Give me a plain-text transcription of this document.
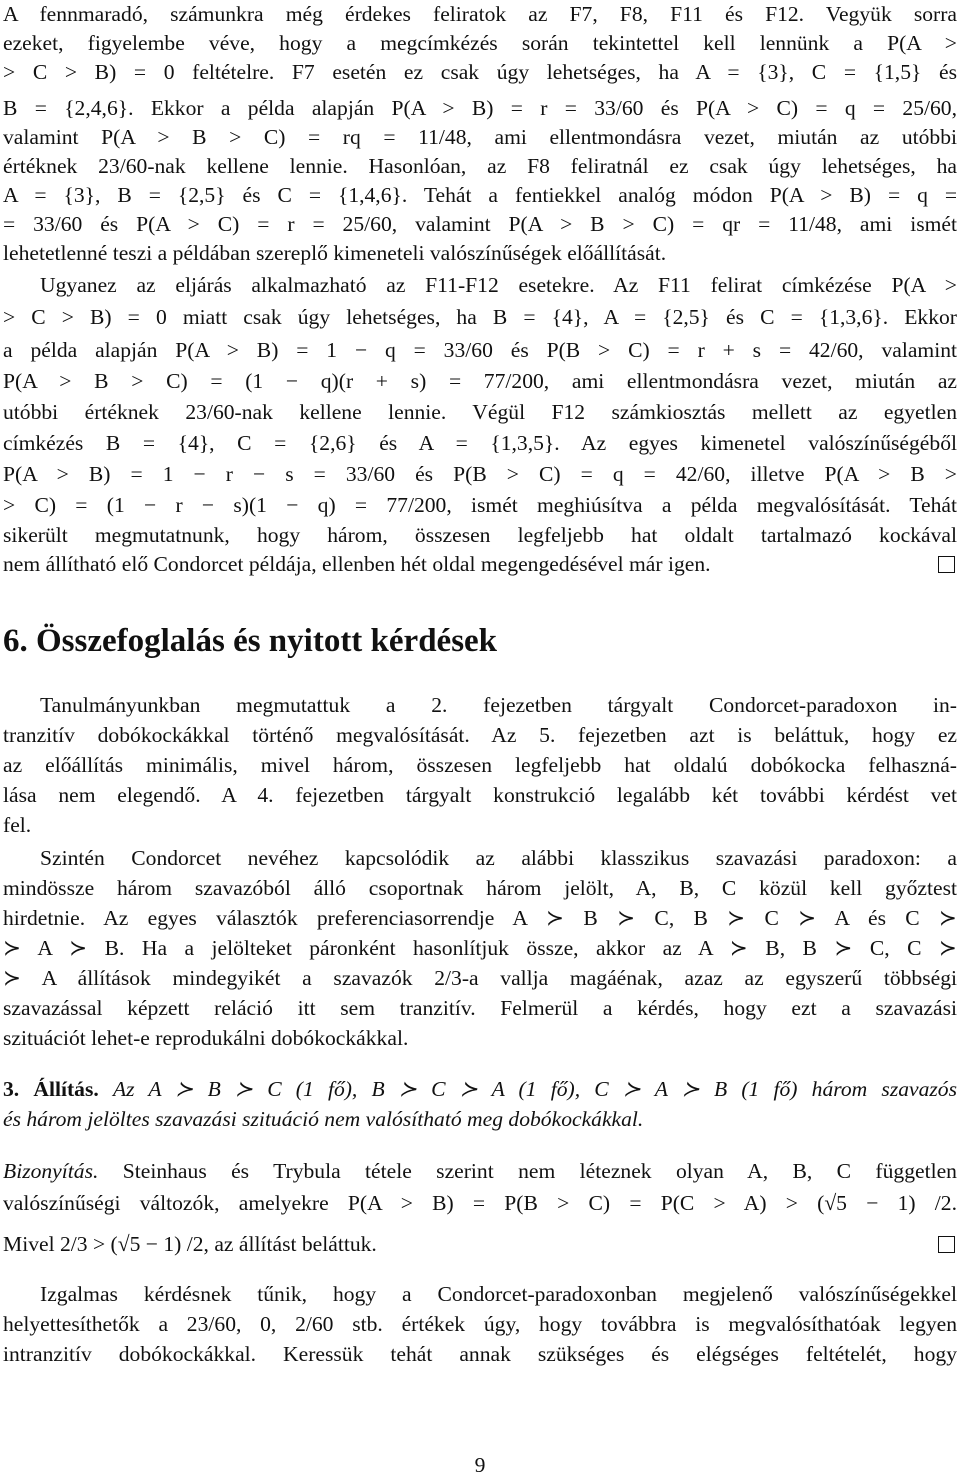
A fennmaradó, számunkra még érdekes feliratok az F7, F8, F11 és F12. Vegyük sorra
ezeket, figyelembe véve, hogy a megcímkézés során tekintettel kell lennünk a P(A >
> C > B) = 0 feltételre. F7 esetén ez csak úgy lehetséges, ha A = {3}, C = {1,5} és
B = {2,4,6}. Ekkor a példa alapján P(A > B) = r = 33/60 és P(A > C) = q = 25/60,
valamint P(A > B > C) = rq = 11/48, ami ellentmondásra vezet, miután az utóbbi
értéknek 23/60-nak kellene lennie. Hasonlóan, az F8 feliratnál ez csak úgy lehetséges, ha
A = {3}, B = {2,5} és C = {1,4,6}. Tehát a fentiekkel analóg módon P(A > B) = q =
= 33/60 és P(A > C) = r = 25/60, valamint P(A > B > C) = qr = 11/48, ami ismét
lehetetlenné teszi a példában szereplő kimeneteli valószínűségek előállítását.
Ugyanez az eljárás alkalmazható az F11-F12 esetekre. Az F11 felirat címkézése P(A >
> C > B) = 0 miatt csak úgy lehetséges, ha B = {4}, A = {2,5} és C = {1,3,6}. Ekkor
a példa alapján P(A > B) = 1 − q = 33/60 és P(B > C) = r + s = 42/60, valamint
P(A > B > C) = (1 − q)(r + s) = 77/200, ami ellentmondásra vezet, miután az
utóbbi értéknek 23/60-nak kellene lennie. Végül F12 számkiosztás mellett az egyetlen
címkézés B = {4}, C = {2,6} és A = {1,3,5}. Az egyes kimenetel valószínűségéből
P(A > B) = 1 − r − s = 33/60 és P(B > C) = q = 42/60, illetve P(A > B >
> C) = (1 − r − s)(1 − q) = 77/200, ismét meghiúsítva a példa megvalósítását. Tehát
sikerült megmutatnunk, hogy három, összesen legfeljebb hat oldalt tartalmazó kockával
nem állítható elő Condorcet példája, ellenben hét oldal megengedésével már igen.
6. Összefoglalás és nyitott kérdések
Tanulmányunkban megmutattuk a 2. fejezetben tárgyalt Condorcet-paradoxon in-
tranzitív dobókockákkal történő megvalósítását. Az 5. fejezetben azt is beláttuk, hogy ez
az előállítás minimális, mivel három, összesen legfeljebb hat oldalú dobókocka felhaszná-
lása nem elegendő. A 4. fejezetben tárgyalt konstrukció legalább két további kérdést vet
fel.
Szintén Condorcet nevéhez kapcsolódik az alábbi klasszikus szavazási paradoxon: a
mindössze három szavazóból álló csoportnak három jelölt, A, B, C közül kell győztest
hirdetnie. Az egyes választók preferenciasorrendje A ≻ B ≻ C, B ≻ C ≻ A és C ≻
≻ A ≻ B. Ha a jelölteket páronként hasonlítjuk össze, akkor az A ≻ B, B ≻ C, C ≻
≻ A állítások mindegyikét a szavazók 2/3-a vallja magáénak, azaz az egyszerű többségi
szavazással képzett reláció itt sem tranzitív. Felmerül a kérdés, hogy ezt a szavazási
szituációt lehet-e reprodukálni dobókockákkal.
3. Állítás. Az A ≻ B ≻ C (1 fő), B ≻ C ≻ A (1 fő), C ≻ A ≻ B (1 fő) három szavazós
és három jelöltes szavazási szituáció nem valósítható meg dobókockákkal.
Bizonyítás. Steinhaus és Trybula tétele szerint nem léteznek olyan A, B, C független
valószínűségi változók, amelyekre P(A > B) = P(B > C) = P(C > A) > (√5 − 1) /2.
Mivel 2/3 > (√5 − 1) /2, az állítást beláttuk.
Izgalmas kérdésnek tűnik, hogy a Condorcet-paradoxonban megjelenő valószínűségekkel
helyettesíthetők a 23/60, 0, 2/60 stb. értékek úgy, hogy továbbra is megvalósíthatóak legyen
intranzitív dobókockákkal. Keressük tehát annak szükséges és elégséges feltételét, hogy
9
